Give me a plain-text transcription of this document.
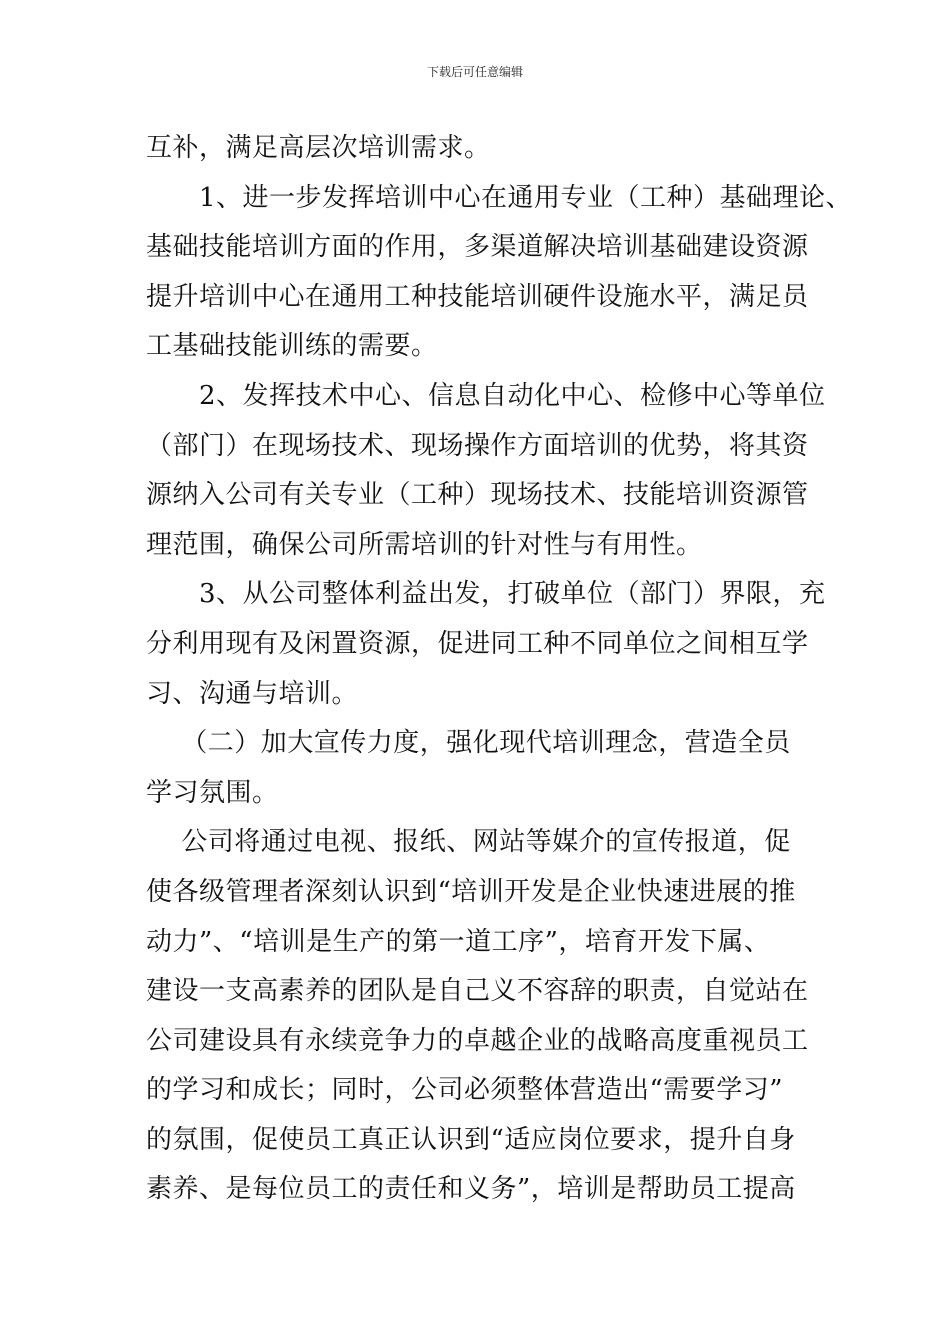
下载后可任意编辑
互补，满足高层次培训需求。
　　1、进一步发挥培训中心在通用专业（工种）基础理论、
基础技能培训方面的作用，多渠道解决培训基础建设资源
提升培训中心在通用工种技能培训硬件设施水平，满足员
工基础技能训练的需要。
　　2、发挥技术中心、信息自动化中心、检修中心等单位
（部门）在现场技术、现场操作方面培训的优势，将其资
源纳入公司有关专业（工种）现场技术、技能培训资源管
理范围，确保公司所需培训的针对性与有用性。
　　3、从公司整体利益出发，打破单位（部门）界限，充
分利用现有及闲置资源，促进同工种不同单位之间相互学
习、沟通与培训。
　 （二）加大宣传力度，强化现代培训理念，营造全员
学习氛围。
　 公司将通过电视、报纸、网站等媒介的宣传报道，促
使各级管理者深刻认识到“培训开发是企业快速进展的推
动力”、“培训是生产的第一道工序”，培育开发下属、
建设一支高素养的团队是自己义不容辞的职责，自觉站在
公司建设具有永续竞争力的卓越企业的战略高度重视员工
的学习和成长；同时，公司必须整体营造出“需要学习”
的氛围，促使员工真正认识到“适应岗位要求，提升自身
素养、是每位员工的责任和义务”，培训是帮助员工提高
